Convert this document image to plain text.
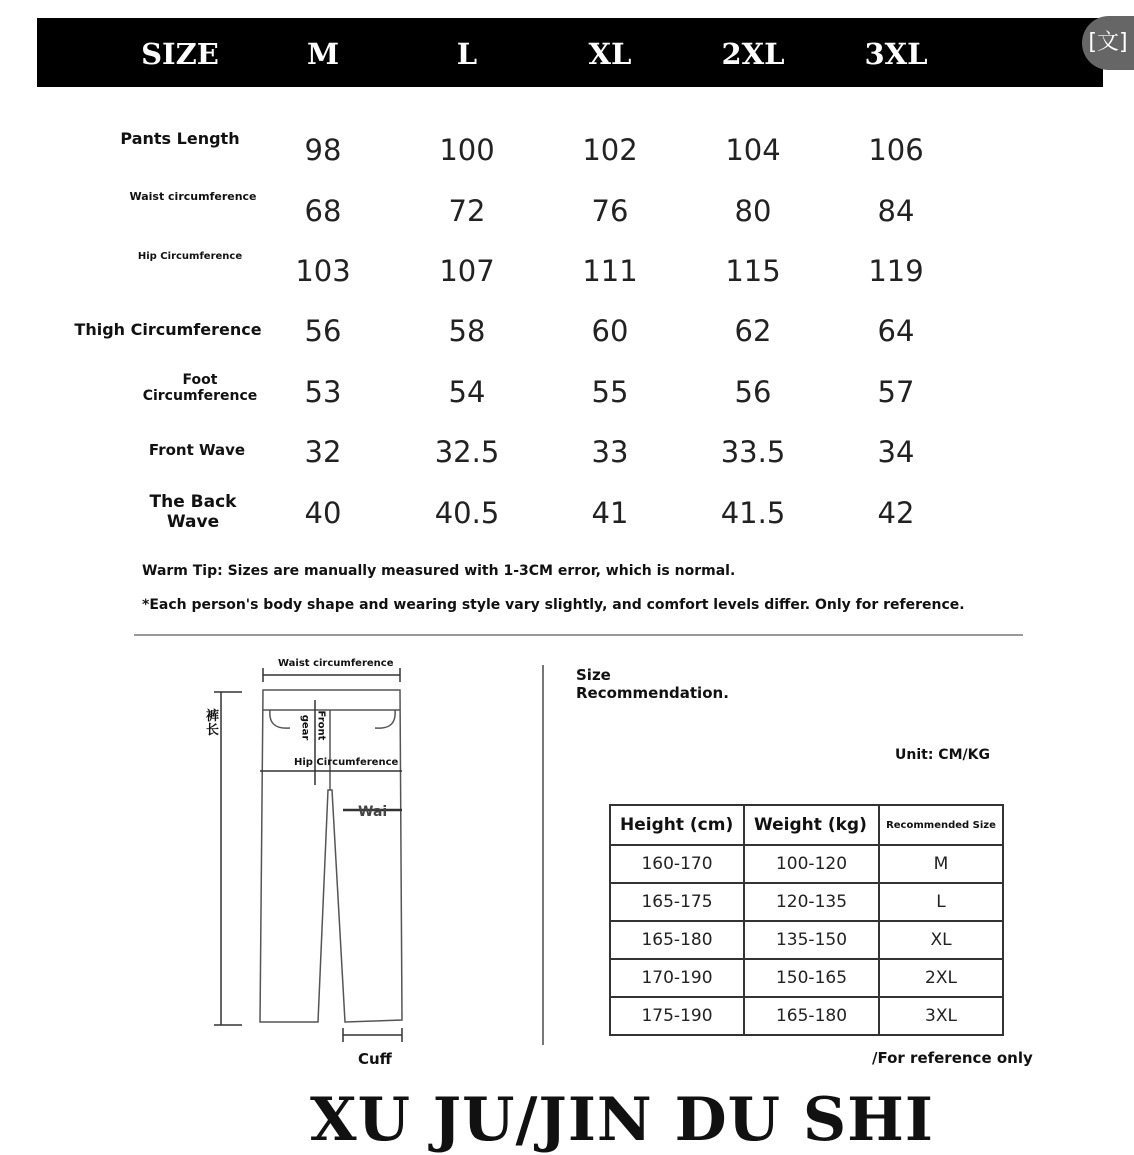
SIZE	M	L	XL	2XL	3XL	[文]
Pants Length	98	100	102	104	106
Waist circumference	68	72	76	80	84
Hip Circumference	103	107	111	115	119
Thigh Circumference	56	58	60	62	64
Foot Circumference	53	54	55	56	57
Front Wave	32	32.5	33	33.5	34
The Back Wave	40	40.5	41	41.5	42
Warm Tip: Sizes are manually measured with 1-3CM error, which is normal.
*Each person's body shape and wearing style vary slightly, and comfort levels differ. Only for reference.
Waist circumference
Hip Circumference
Front
gear
Wai
裤长
Cuff
Size Recommendation.
Unit: CM/KG
Height (cm)	Weight (kg)	Recommended Size
160-170	100-120	M
165-175	120-135	L
165-180	135-150	XL
170-190	150-165	2XL
175-190	165-180	3XL
/For reference only
XU JU/JIN DU SHI
